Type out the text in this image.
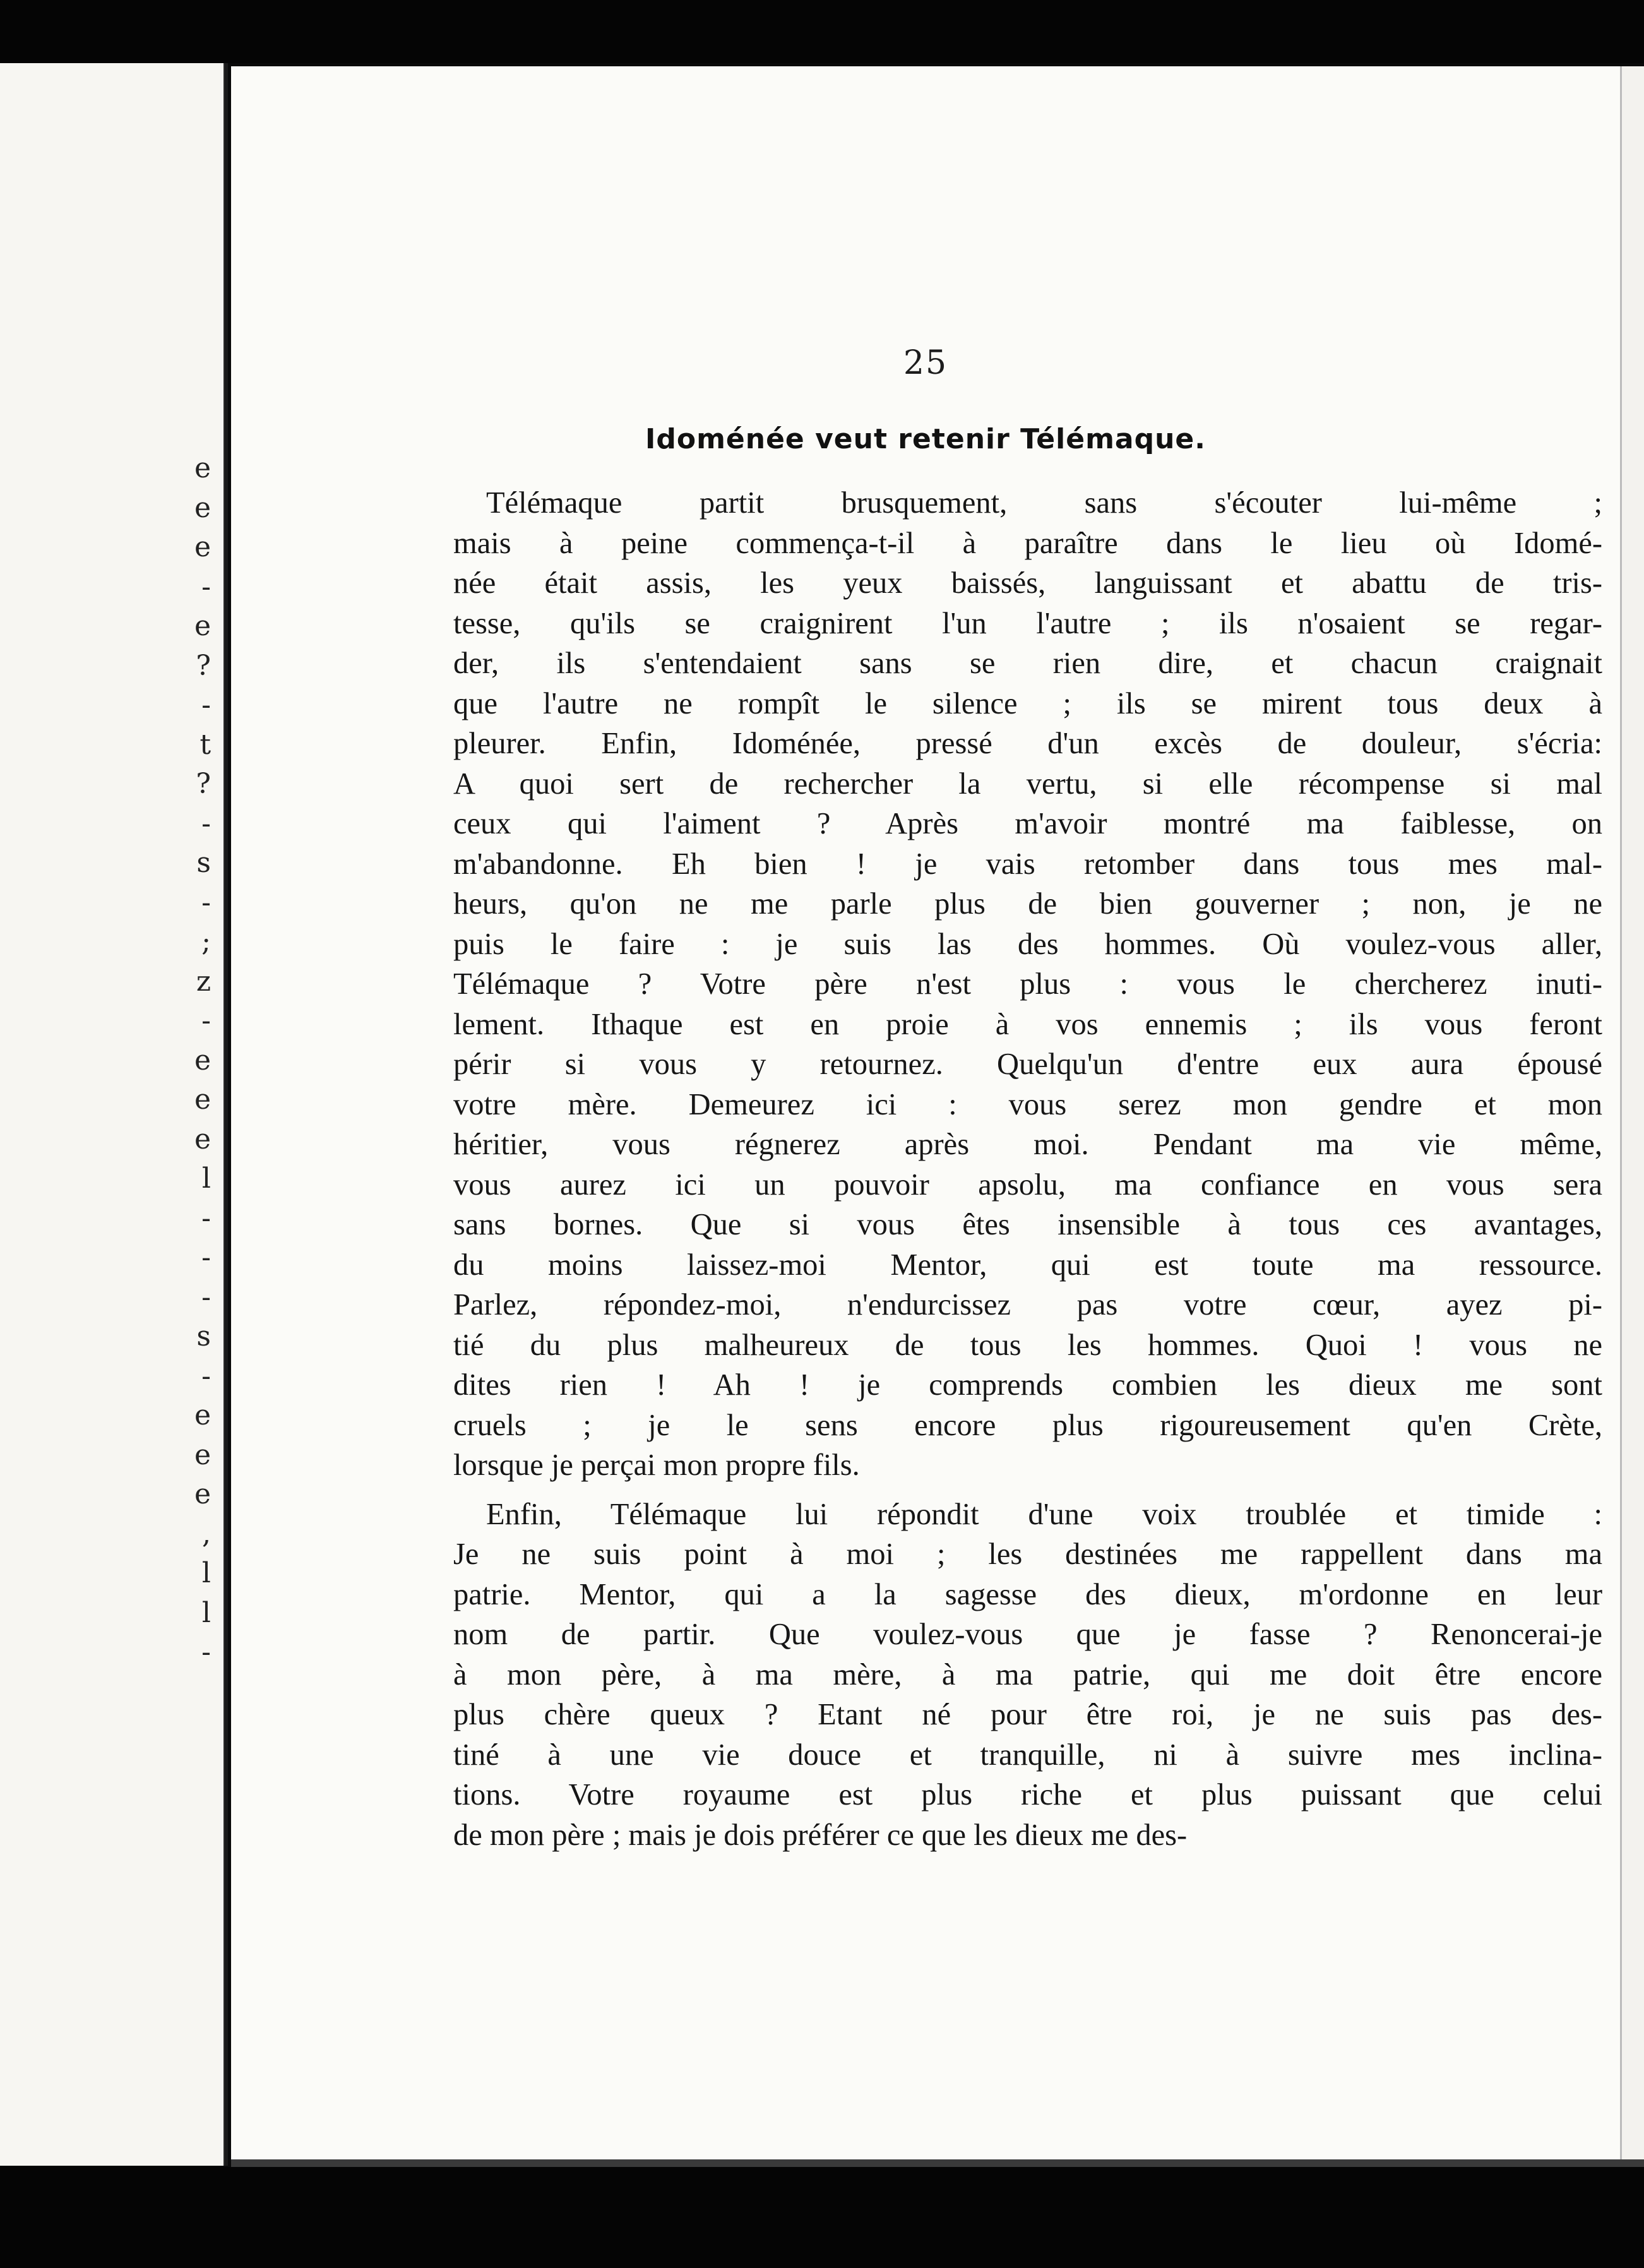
e
e
e
-
e
?
-
t
?
-
s
-
;
z
-
e
e
e
l
-
-
-
s
-
e
e
e
,
l
l
-
25
Idoménée veut retenir Télémaque.
Télémaque partit brusquement, sans s'écouter lui-même ;
mais à peine commença-t-il à paraître dans le lieu où Idomé-
née était assis, les yeux baissés, languissant et abattu de tris-
tesse, qu'ils se craignirent l'un l'autre ; ils n'osaient se regar-
der, ils s'entendaient sans se rien dire, et chacun craignait
que l'autre ne rompît le silence ; ils se mirent tous deux à
pleurer. Enfin, Idoménée, pressé d'un excès de douleur, s'écria:
A quoi sert de rechercher la vertu, si elle récompense si mal
ceux qui l'aiment ? Après m'avoir montré ma faiblesse, on
m'abandonne. Eh bien ! je vais retomber dans tous mes mal-
heurs, qu'on ne me parle plus de bien gouverner ; non, je ne
puis le faire : je suis las des hommes. Où voulez-vous aller,
Télémaque ? Votre père n'est plus : vous le chercherez inuti-
lement. Ithaque est en proie à vos ennemis ; ils vous feront
périr si vous y retournez. Quelqu'un d'entre eux aura épousé
votre mère. Demeurez ici : vous serez mon gendre et mon
héritier, vous régnerez après moi. Pendant ma vie même,
vous aurez ici un pouvoir apsolu, ma confiance en vous sera
sans bornes. Que si vous êtes insensible à tous ces avantages,
du moins laissez-moi Mentor, qui est toute ma ressource.
Parlez, répondez-moi, n'endurcissez pas votre cœur, ayez pi-
tié du plus malheureux de tous les hommes. Quoi ! vous ne
dites rien ! Ah ! je comprends combien les dieux me sont
cruels ; je le sens encore plus rigoureusement qu'en Crète,
lorsque je perçai mon propre fils.
Enfin, Télémaque lui répondit d'une voix troublée et timide :
Je ne suis point à moi ; les destinées me rappellent dans ma
patrie. Mentor, qui a la sagesse des dieux, m'ordonne en leur
nom de partir. Que voulez-vous que je fasse ? Renoncerai-je
à mon père, à ma mère, à ma patrie, qui me doit être encore
plus chère queux ? Etant né pour être roi, je ne suis pas des-
tiné à une vie douce et tranquille, ni à suivre mes inclina-
tions. Votre royaume est plus riche et plus puissant que celui
de mon père ; mais je dois préférer ce que les dieux me des-
